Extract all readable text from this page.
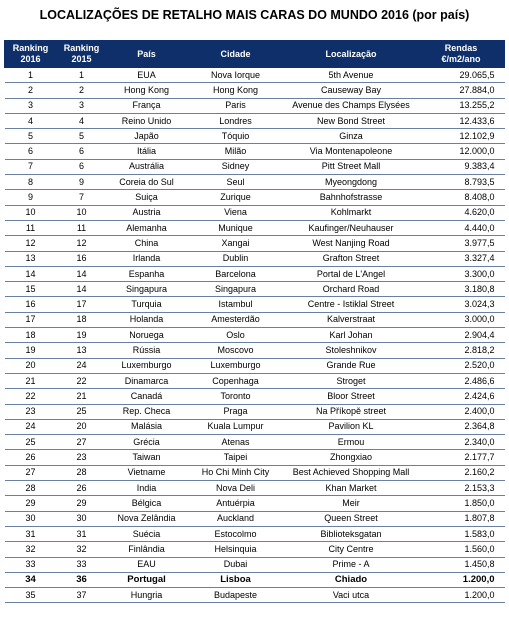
LOCALIZAÇÕES DE RETALHO MAIS CARAS DO MUNDO 2016 (por país)
Ranking
2016	Ranking
2015	País	Cidade	Localização	Rendas
€/m2/ano
1	1	EUA	Nova Iorque	5th Avenue	29.065,5
2	2	Hong Kong	Hong Kong	Causeway Bay	27.884,0
3	3	França	Paris	Avenue des Champs Elysées	13.255,2
4	4	Reino Unido	Londres	New Bond Street	12.433,6
5	5	Japão	Tóquio	Ginza	12.102,9
6	6	Itália	Milão	Via Montenapoleone	12.000,0
7	6	Austrália	Sidney	Pitt Street Mall	9.383,4
8	9	Coreia do Sul	Seul	Myeongdong	8.793,5
9	7	Suiça	Zurique	Bahnhofstrasse	8.408,0
10	10	Austria	Viena	Kohlmarkt	4.620,0
11	11	Alemanha	Munique	Kaufinger/Neuhauser	4.440,0
12	12	China	Xangai	West Nanjing Road	3.977,5
13	16	Irlanda	Dublin	Grafton Street	3.327,4
14	14	Espanha	Barcelona	Portal de L'Angel	3.300,0
15	14	Singapura	Singapura	Orchard Road	3.180,8
16	17	Turquia	Istambul	Centre - Istiklal Street	3.024,3
17	18	Holanda	Amesterdão	Kalverstraat	3.000,0
18	19	Noruega	Oslo	Karl Johan	2.904,4
19	13	Rússia	Moscovo	Stoleshnikov	2.818,2
20	24	Luxemburgo	Luxemburgo	Grande Rue	2.520,0
21	22	Dinamarca	Copenhaga	Stroget	2.486,6
22	21	Canadá	Toronto	Bloor Street	2.424,6
23	25	Rep. Checa	Praga	Na Příkopě street	2.400,0
24	20	Malásia	Kuala Lumpur	Pavilion KL	2.364,8
25	27	Grécia	Atenas	Ermou	2.340,0
26	23	Taiwan	Taipei	Zhongxiao	2.177,7
27	28	Vietname	Ho Chi Minh City	Best Achieved Shopping Mall	2.160,2
28	26	India	Nova Deli	Khan Market	2.153,3
29	29	Bélgica	Antuérpia	Meir	1.850,0
30	30	Nova Zelândia	Auckland	Queen Street	1.807,8
31	31	Suécia	Estocolmo	Biblioteksgatan	1.583,0
32	32	Finlândia	Helsinquia	City Centre	1.560,0
33	33	EAU	Dubai	Prime - A	1.450,8
34	36	Portugal	Lisboa	Chiado	1.200,0
35	37	Hungria	Budapeste	Vaci utca	1.200,0
